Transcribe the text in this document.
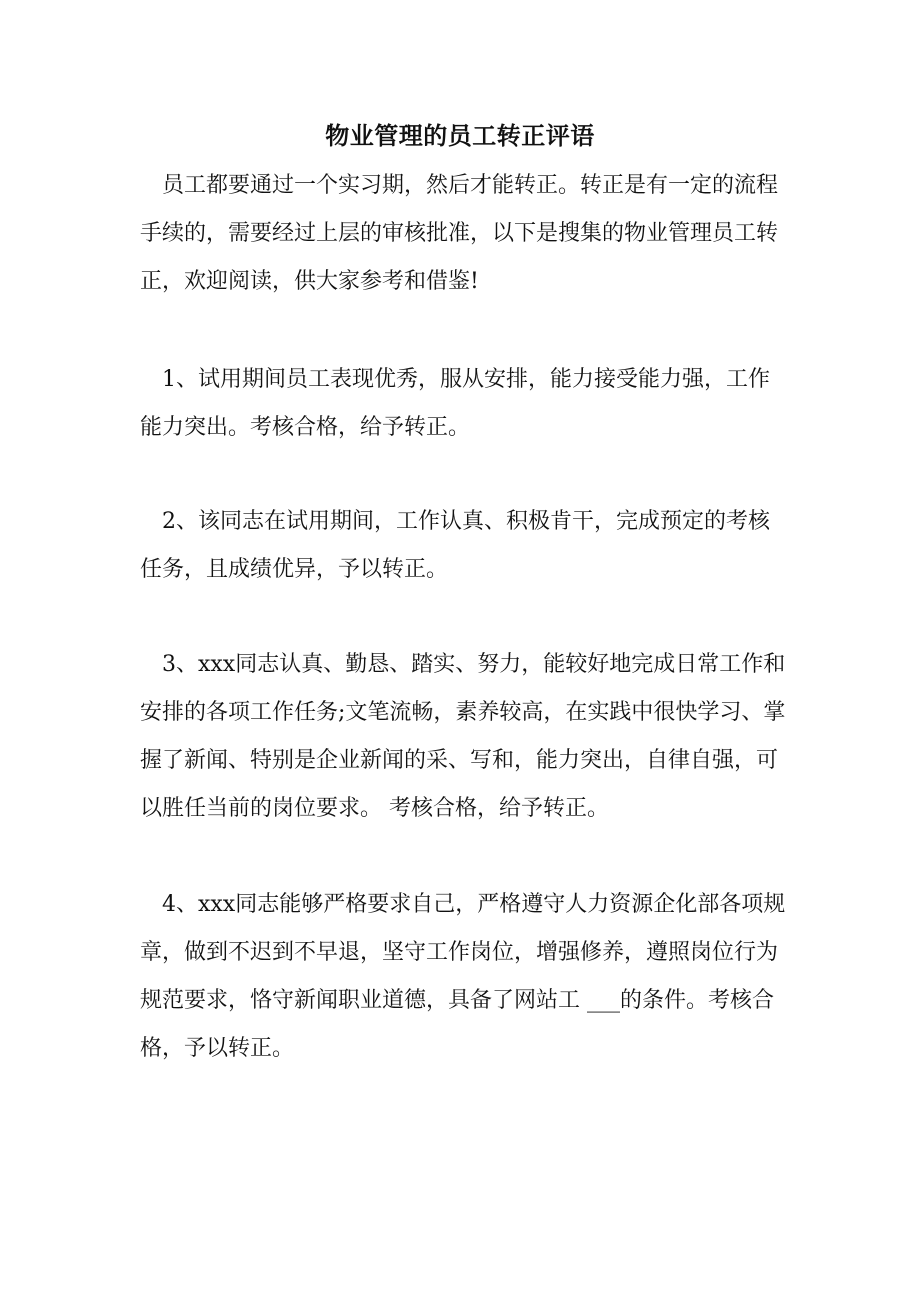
物业管理的员工转正评语
员工都要通过一个实习期，然后才能转正。转正是有一定的流程手续的，需要经过上层的审核批准，以下是搜集的物业管理员工转正，欢迎阅读，供大家参考和借鉴!
1、试用期间员工表现优秀，服从安排，能力接受能力强，工作能力突出。考核合格，给予转正。
2、该同志在试用期间，工作认真、积极肯干，完成预定的考核任务，且成绩优异，予以转正。
3、xxx同志认真、勤恳、踏实、努力，能较好地完成日常工作和安排的各项工作任务;文笔流畅，素养较高，在实践中很快学习、掌握了新闻、特别是企业新闻的采、写和，能力突出，自律自强，可以胜任当前的岗位要求。 考核合格，给予转正。
4、xxx同志能够严格要求自己，严格遵守人力资源企化部各项规章，做到不迟到不早退，坚守工作岗位，增强修养，遵照岗位行为规范要求，恪守新闻职业道德，具备了网站工 ___的条件。考核合格，予以转正。
